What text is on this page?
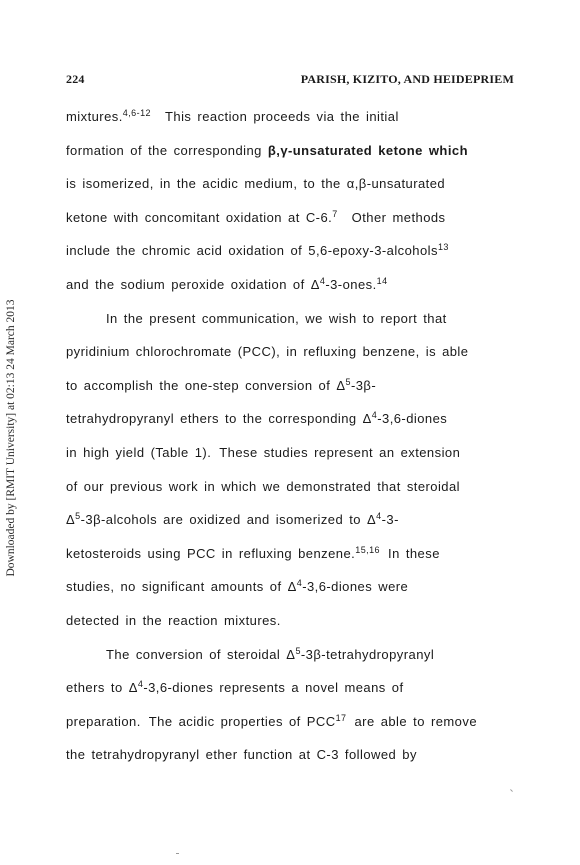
Downloaded by [RMIT University] at 02:13 24 March 2013
224	PARISH, KIZITO, AND HEIDEPRIEM
mixtures.$^{4,6-12}$ This reaction proceeds via the initial
formation of the corresponding β,γ-unsaturated ketone which
is isomerized, in the acidic medium, to the α,β-unsaturated
ketone with concomitant oxidation at C-6.$^7$ Other methods
include the chromic acid oxidation of 5,6-epoxy-3-alcohols$^{13}$
and the sodium peroxide oxidation of $\Delta^4-3-ones.^{14}$
In the present communication, we wish to report that
pyridinium chlorochromate (PCC), in refluxing benzene, is able
to accomplish the one-step conversion of $\Delta^5-3\beta-$
tetrahydropyranyl ethers to the corresponding $\Delta^4-3,6$-diones
in high yield (Table 1). These studies represent an extension
of our previous work in which we demonstrated that steroidal
$\Delta^5-3\beta$-alcohols are oxidized and isomerized to $\Delta^4-3-$
ketosteroids using PCC in refluxing benzene.$^{15,16}$ In these
studies, no significant amounts of $\Delta^4-3,6$-diones were
detected in the reaction mixtures.
The conversion of steroidal $\Delta^5-3\beta$-tetrahydropyranyl
ethers to $\Delta^4-3,6$-diones represents a novel means of
preparation. The acidic properties of PCC$^{17}$ are able to remove
the tetrahydropyranyl ether function at C-3 followed by
